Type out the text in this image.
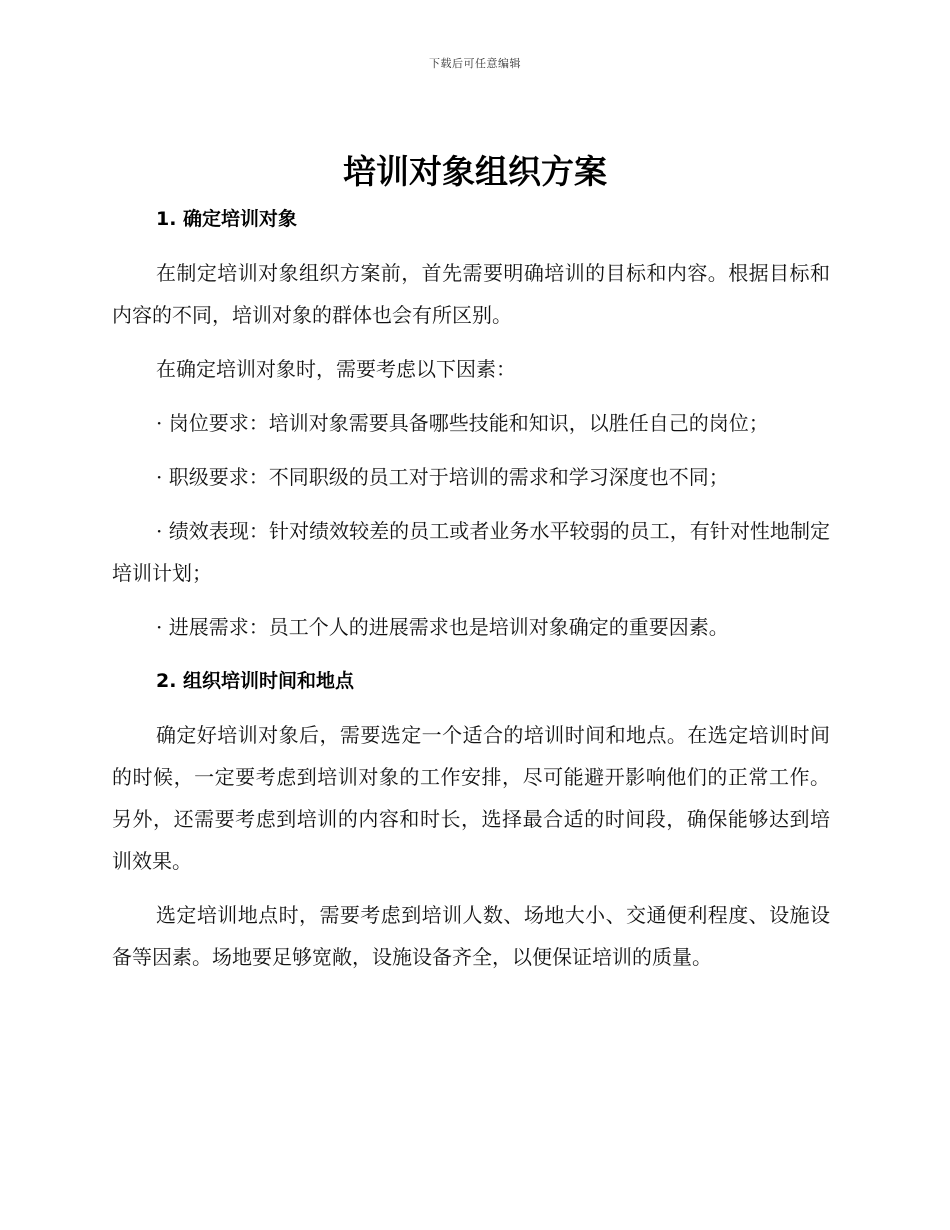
下载后可任意编辑
培训对象组织方案
1. 确定培训对象

在制定培训对象组织方案前，首先需要明确培训的目标和内容。根据目标和内容的不同，培训对象的群体也会有所区别。

在确定培训对象时，需要考虑以下因素：

· 岗位要求：培训对象需要具备哪些技能和知识，以胜任自己的岗位；

· 职级要求：不同职级的员工对于培训的需求和学习深度也不同；

· 绩效表现：针对绩效较差的员工或者业务水平较弱的员工，有针对性地制定培训计划；

· 进展需求：员工个人的进展需求也是培训对象确定的重要因素。

2. 组织培训时间和地点

确定好培训对象后，需要选定一个适合的培训时间和地点。在选定培训时间的时候，一定要考虑到培训对象的工作安排，尽可能避开影响他们的正常工作。另外，还需要考虑到培训的内容和时长，选择最合适的时间段，确保能够达到培训效果。

选定培训地点时，需要考虑到培训人数、场地大小、交通便利程度、设施设备等因素。场地要足够宽敞，设施设备齐全，以便保证培训的质量。
